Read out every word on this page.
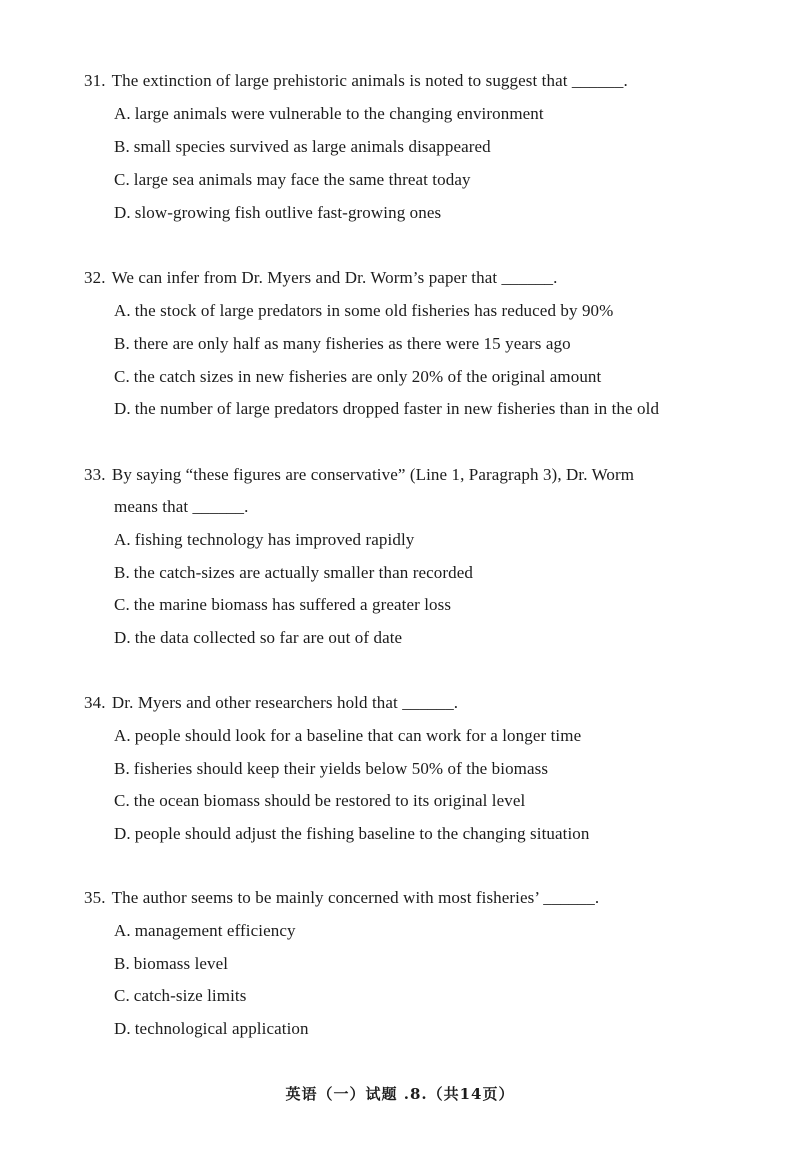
31. The extinction of large prehistoric animals is noted to suggest that ______.
A. large animals were vulnerable to the changing environment
B. small species survived as large animals disappeared
C. large sea animals may face the same threat today
D. slow-growing fish outlive fast-growing ones
32. We can infer from Dr. Myers and Dr. Worm’s paper that ______.
A. the stock of large predators in some old fisheries has reduced by 90%
B. there are only half as many fisheries as there were 15 years ago
C. the catch sizes in new fisheries are only 20% of the original amount
D. the number of large predators dropped faster in new fisheries than in the old
33. By saying “these figures are conservative” (Line 1, Paragraph 3), Dr. Worm
means that ______.
A. fishing technology has improved rapidly
B. the catch-sizes are actually smaller than recorded
C. the marine biomass has suffered a greater loss
D. the data collected so far are out of date
34. Dr. Myers and other researchers hold that ______.
A. people should look for a baseline that can work for a longer time
B. fisheries should keep their yields below 50% of the biomass
C. the ocean biomass should be restored to its original level
D. people should adjust the fishing baseline to the changing situation
35. The author seems to be mainly concerned with most fisheries’ ______.
A. management efficiency
B. biomass level
C. catch-size limits
D. technological application
英语（一）试题 .8.（共14页）
